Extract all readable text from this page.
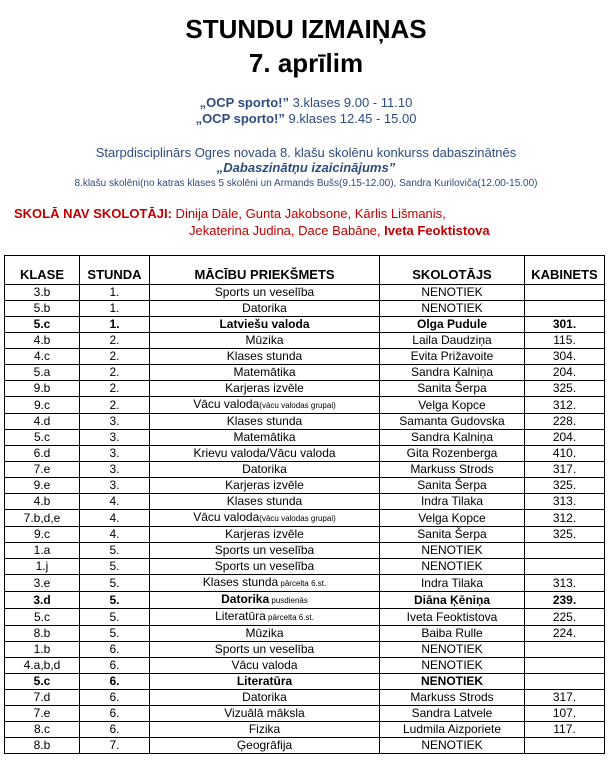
STUNDU IZMAIŅAS
7. aprīlim
„OCP sporto!” 3.klases 9.00 - 11.10
„OCP sporto!” 9.klases 12.45 - 15.00
Starpdisciplinārs Ogres novada 8. klašu skolēnu konkurss dabaszinātnēs
„Dabaszinātņu izaicinājums”
8.klašu skolēni(no katras klases 5 skolēni un Armands Bušs(9.15-12.00), Sandra Kuriloviča(12.00-15.00)
SKOLĀ NAV SKOLOTĀJI: Dinija Dāle, Gunta Jakobsone, Kārlis Lišmanis,
Jekaterina Judina, Dace Babāne, Iveta Feoktistova

KLASE	STUNDA	MĀCĪBU PRIEKŠMETS	SKOLOTĀJS	KABINETS
3.b	1.	Sports un veselība	NENOTIEK	
5.b	1.	Datorika	NENOTIEK	
5.c	1.	Latviešu valoda	Olga Pudule	301.
4.b	2.	Mūzika	Laila Daudziņa	115.
4.c	2.	Klases stunda	Evita Prižavoite	304.
5.a	2.	Matemātika	Sandra Kalniņa	204.
9.b	2.	Karjeras izvēle	Sanita Šerpa	325.
9.c	2.	Vācu valoda(vācu valodas grupai)	Velga Kopce	312.
4.d	3.	Klases stunda	Samanta Gudovska	228.
5.c	3.	Matemātika	Sandra Kalniņa	204.
6.d	3.	Krievu valoda/Vācu valoda	Gita Rozenberga	410.
7.e	3.	Datorika	Markuss Strods	317.
9.e	3.	Karjeras izvēle	Sanita Šerpa	325.
4.b	4.	Klases stunda	Indra Tilaka	313.
7.b,d,e	4.	Vācu valoda(vācu valodas grupai)	Velga Kopce	312.
9.c	4.	Karjeras izvēle	Sanita Šerpa	325.
1.a	5.	Sports un veselība	NENOTIEK	
1.j	5.	Sports un veselība	NENOTIEK	
3.e	5.	Klases stunda pārcelta 6.st.	Indra Tilaka	313.
3.d	5.	Datorika pusdienās	Diāna Ķēniņa	239.
5.c	5.	Literatūra pārcelta 6.st.	Iveta Feoktistova	225.
8.b	5.	Mūzika	Baiba Rulle	224.
1.b	6.	Sports un veselība	NENOTIEK	
4.a,b,d	6.	Vācu valoda	NENOTIEK	
5.c	6.	Literatūra	NENOTIEK	
7.d	6.	Datorika	Markuss Strods	317.
7.e	6.	Vizuālā māksla	Sandra Latvele	107.
8.c	6.	Fizika	Ludmila Aizporiete	117.
8.b	7.	Ģeogrāfija	NENOTIEK	
